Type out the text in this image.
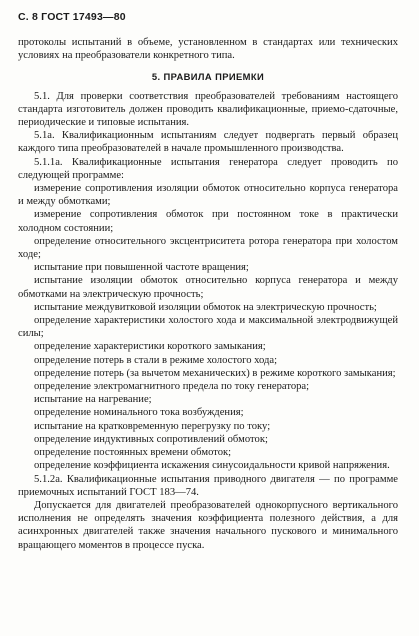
С. 8 ГОСТ 17493—80
протоколы испытаний в объеме, установленном в стандартах или технических условиях на преобразователи конкретного типа.
5. ПРАВИЛА ПРИЕМКИ
5.1. Для проверки соответствия преобразователей требованиям настоящего стандарта изготовитель должен проводить квалификационные, приемо-сдаточные, периодические и типовые испытания.
5.1а. Квалификационным испытаниям следует подвергать первый образец каждого типа преобразователей в начале промышленного производства.
5.1.1а. Квалификационные испытания генератора следует проводить по следующей программе:
измерение сопротивления изоляции обмоток относительно корпуса генератора и между обмотками;
измерение сопротивления обмоток при постоянном токе в практически холодном состоянии;
определение относительного эксцентриситета ротора генератора при холостом ходе;
испытание при повышенной частоте вращения;
испытание изоляции обмоток относительно корпуса генератора и между обмотками на электрическую прочность;
испытание междувитковой изоляции обмоток на электрическую прочность;
определение характеристики холостого хода и максимальной электродвижущей силы;
определение характеристики короткого замыкания;
определение потерь в стали в режиме холостого хода;
определение потерь (за вычетом механических) в режиме короткого замыкания;
определение электромагнитного предела по току генератора;
испытание на нагревание;
определение номинального тока возбуждения;
испытание на кратковременную перегрузку по току;
определение индуктивных сопротивлений обмоток;
определение постоянных времени обмоток;
определение коэффициента искажения синусоидальности кривой напряжения.
5.1.2а. Квалификационные испытания приводного двигателя — по программе приемочных испытаний ГОСТ 183—74.
Допускается для двигателей преобразователей однокорпусного вертикального исполнения не определять значения коэффициента полезного действия, а для асинхронных двигателей также значения начального пускового и минимального вращающего моментов в процессе пуска.
